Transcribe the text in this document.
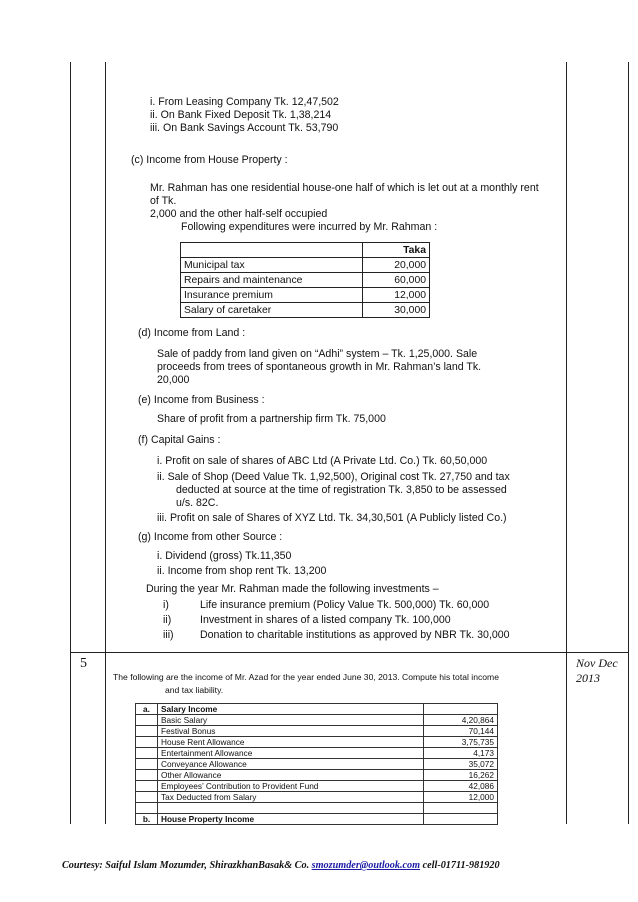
i. From Leasing Company Tk. 12,47,502
ii. On Bank Fixed Deposit Tk. 1,38,214
iii. On Bank Savings Account Tk. 53,790
(c) Income from House Property :
Mr. Rahman has one residential house-one half of which is let out at a monthly rent
of Tk.
2,000 and the other half-self occupied
Following expenditures were incurred by Mr. Rahman :
	Taka
Municipal tax	20,000
Repairs and maintenance	60,000
Insurance premium	12,000
Salary of caretaker	30,000
(d) Income from Land :
Sale of paddy from land given on “Adhi” system – Tk. 1,25,000. Sale
proceeds from trees of spontaneous growth in Mr. Rahman’s land Tk.
20,000
(e) Income from Business :
Share of profit from a partnership firm Tk. 75,000
(f) Capital Gains :
i. Profit on sale of shares of ABC Ltd (A Private Ltd. Co.) Tk. 60,50,000
ii. Sale of Shop (Deed Value Tk. 1,92,500), Original cost Tk. 27,750 and tax
deducted at source at the time of registration Tk. 3,850 to be assessed
u/s. 82C.
iii. Profit on sale of Shares of XYZ Ltd. Tk. 34,30,501 (A Publicly listed Co.)
(g) Income from other Source :
i. Dividend (gross) Tk.11,350
ii. Income from shop rent Tk. 13,200
During the year Mr. Rahman made the following investments –
i)	Life insurance premium (Policy Value Tk. 500,000) Tk. 60,000
ii)	Investment in shares of a listed company Tk. 100,000
iii) Donation to charitable institutions as approved by NBR Tk. 30,000
5	Nov Dec
2013
The following are the income of Mr. Azad for the year ended June 30, 2013. Compute his total income
and tax liability.
a.	Salary Income	
	Basic Salary	4,20,864
	Festival Bonus	70,144
	House Rent Allowance	3,75,735
	Entertainment Allowance	4,173
	Conveyance Allowance	35,072
	Other Allowance	16,262
	Employees’ Contribution to Provident Fund	42,086
	Tax Deducted from Salary	12,000

b.	House Property Income	
Courtesy: Saiful Islam Mozumder, ShirazkhanBasak& Co. smozumder@outlook.com cell-01711-981920
